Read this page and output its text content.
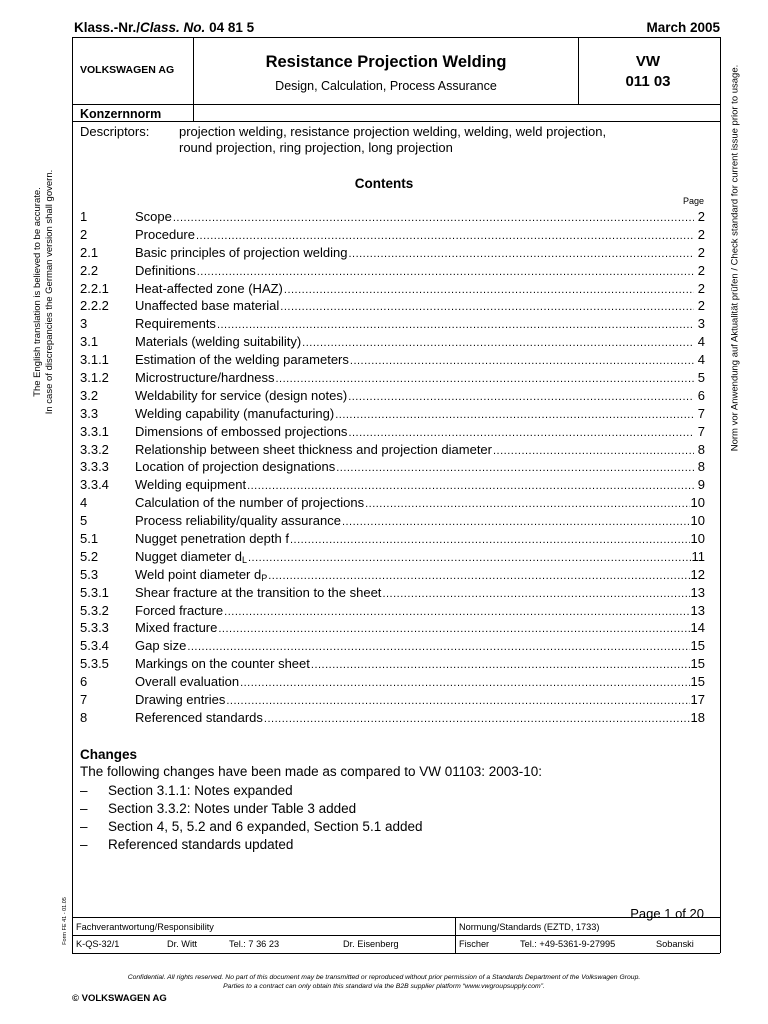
Klass.-Nr./Class. No. 04 81 5	March 2005
VOLKSWAGEN AG	Resistance Projection Welding
Design, Calculation, Process Assurance
VW
011 03
Konzernnorm
Descriptors: projection welding, resistance projection welding, welding, weld projection,
round projection, ring projection, long projection
Contents
Page
1	Scope .....	2
2	Procedure .....	2
2.1	Basic principles of projection welding .....	2
2.2	Definitions .....	2
2.2.1	Heat-affected zone (HAZ) .....	2
2.2.2	Unaffected base material .....	2
3	Requirements .....	3
3.1	Materials (welding suitability) .....	4
3.1.1	Estimation of the welding parameters .....	4
3.1.2	Microstructure/hardness .....	5
3.2	Weldability for service (design notes) .....	6
3.3	Welding capability (manufacturing) .....	7
3.3.1	Dimensions of embossed projections .....	7
3.3.2	Relationship between sheet thickness and projection diameter .....	8
3.3.3	Location of projection designations .....	8
3.3.4	Welding equipment .....	9
4	Calculation of the number of projections .....	10
5	Process reliability/quality assurance .....	10
5.1	Nugget penetration depth f .....	10
5.2	Nugget diameter dL .....	11
5.3	Weld point diameter dP .....	12
5.3.1	Shear fracture at the transition to the sheet .....	13
5.3.2	Forced fracture .....	13
5.3.3	Mixed fracture .....	14
5.3.4	Gap size .....	15
5.3.5	Markings on the counter sheet .....	15
6	Overall evaluation .....	15
7	Drawing entries .....	17
8	Referenced standards .....	18
Changes
The following changes have been made as compared to VW 01103: 2003-10:
–	Section 3.1.1: Notes expanded
–	Section 3.3.2: Notes under Table 3 added
–	Section 4, 5, 5.2 and 6 expanded, Section 5.1 added
–	Referenced standards updated
Page 1 of 20
Fachverantwortung/Responsibility
K-QS-32/1	Dr. Witt	Tel.: 7 36 23	Dr. Eisenberg
Normung/Standards (EZTD, 1733)
Fischer	Tel.: +49-5361-9-27995	Sobanski
Confidential. All rights reserved. No part of this document may be transmitted or reproduced without prior permission of a Standards Department of the Volkswagen Group.
Parties to a contract can only obtain this standard via the B2B supplier platform “www.vwgroupsupply.com”.
© VOLKSWAGEN AG
The English translation is believed to be accurate. In case of discrepancies the German version shall govern.	Norm vor Anwendung auf Aktualität prüfen / Check standard for current issue prior to usage.
Form FE 41 - 01.05
